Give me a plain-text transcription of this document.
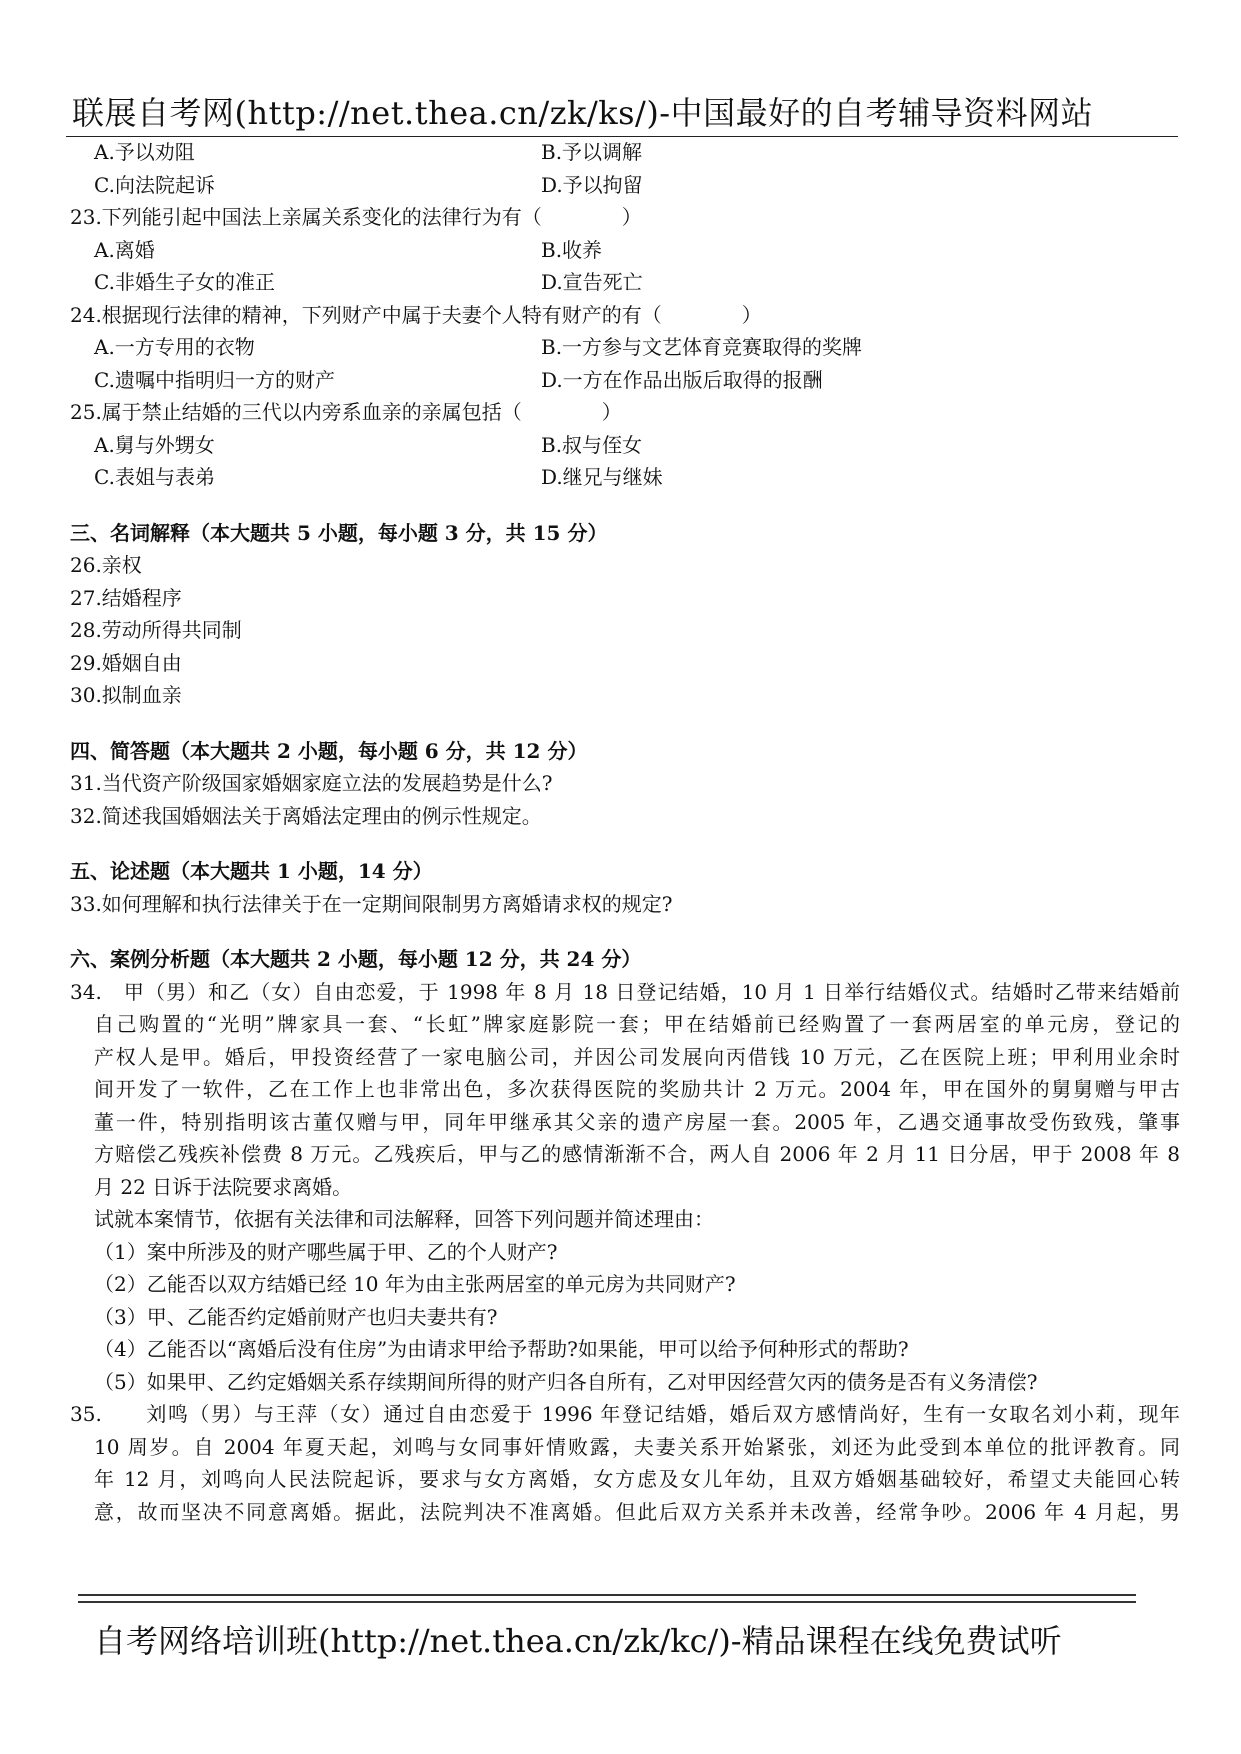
联展自考网(http://net.thea.cn/zk/ks/)-中国最好的自考辅导资料网站
A.予以劝阻	B.予以调解
C.向法院起诉	D.予以拘留
23.下列能引起中国法上亲属关系变化的法律行为有（　　　　）
A.离婚	B.收养
C.非婚生子女的准正	D.宣告死亡
24.根据现行法律的精神，下列财产中属于夫妻个人特有财产的有（　　　　）
A.一方专用的衣物	B.一方参与文艺体育竞赛取得的奖牌
C.遗嘱中指明归一方的财产	D.一方在作品出版后取得的报酬
25.属于禁止结婚的三代以内旁系血亲的亲属包括（　　　　）
A.舅与外甥女	B.叔与侄女
C.表姐与表弟	D.继兄与继妹
三、名词解释（本大题共 5 小题，每小题 3 分，共 15 分）
26.亲权
27.结婚程序
28.劳动所得共同制
29.婚姻自由
30.拟制血亲
四、简答题（本大题共 2 小题，每小题 6 分，共 12 分）
31.当代资产阶级国家婚姻家庭立法的发展趋势是什么?
32.简述我国婚姻法关于离婚法定理由的例示性规定。
五、论述题（本大题共 1 小题，14 分）
33.如何理解和执行法律关于在一定期间限制男方离婚请求权的规定?
六、案例分析题（本大题共 2 小题，每小题 12 分，共 24 分）
34.　甲（男）和乙（女）自由恋爱，于 1998 年 8 月 18 日登记结婚，10 月 1 日举行结婚仪式。结婚时乙带来结婚前
自己购置的“光明”牌家具一套、“长虹”牌家庭影院一套；甲在结婚前已经购置了一套两居室的单元房，登记的
产权人是甲。婚后，甲投资经营了一家电脑公司，并因公司发展向丙借钱 10 万元，乙在医院上班；甲利用业余时
间开发了一软件，乙在工作上也非常出色，多次获得医院的奖励共计 2 万元。2004 年，甲在国外的舅舅赠与甲古
董一件，特别指明该古董仅赠与甲，同年甲继承其父亲的遗产房屋一套。2005 年，乙遇交通事故受伤致残，肇事
方赔偿乙残疾补偿费 8 万元。乙残疾后，甲与乙的感情渐渐不合，两人自 2006 年 2 月 11 日分居，甲于 2008 年 8
月 22 日诉于法院要求离婚。
试就本案情节，依据有关法律和司法解释，回答下列问题并简述理由：
（1）案中所涉及的财产哪些属于甲、乙的个人财产?
（2）乙能否以双方结婚已经 10 年为由主张两居室的单元房为共同财产?
（3）甲、乙能否约定婚前财产也归夫妻共有?
（4）乙能否以“离婚后没有住房”为由请求甲给予帮助?如果能，甲可以给予何种形式的帮助?
（5）如果甲、乙约定婚姻关系存续期间所得的财产归各自所有，乙对甲因经营欠丙的债务是否有义务清偿?
35.　　刘鸣（男）与王萍（女）通过自由恋爱于 1996 年登记结婚，婚后双方感情尚好，生有一女取名刘小莉，现年
10 周岁。自 2004 年夏天起，刘鸣与女同事奸情败露，夫妻关系开始紧张，刘还为此受到本单位的批评教育。同
年 12 月，刘鸣向人民法院起诉，要求与女方离婚，女方虑及女儿年幼，且双方婚姻基础较好，希望丈夫能回心转
意，故而坚决不同意离婚。据此，法院判决不准离婚。但此后双方关系并未改善，经常争吵。2006 年 4 月起，男
自考网络培训班(http://net.thea.cn/zk/kc/)-精品课程在线免费试听
